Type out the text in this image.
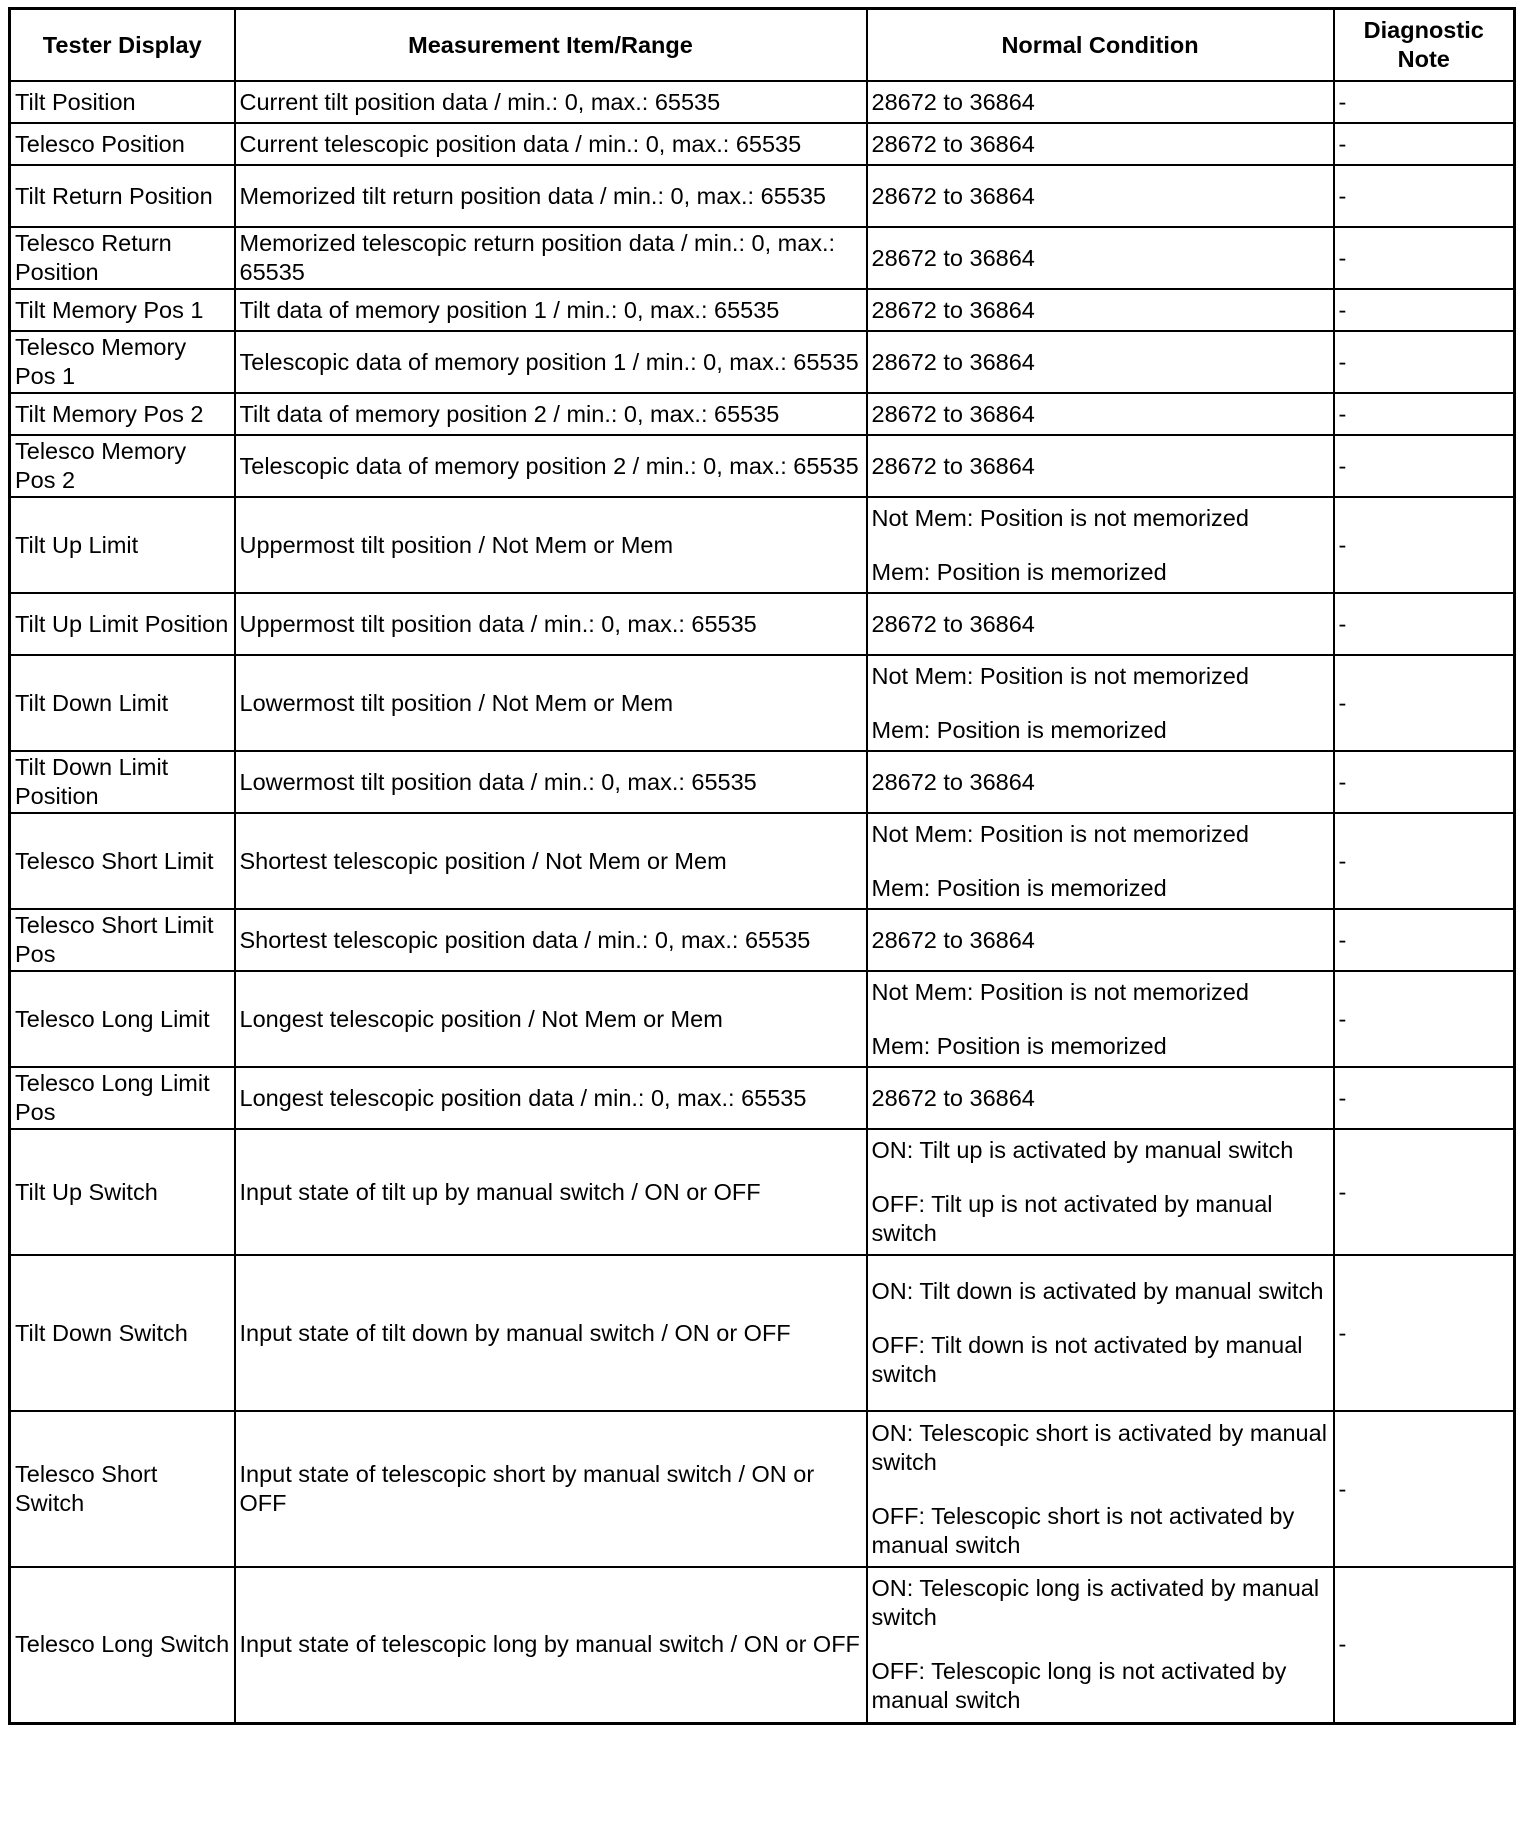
Tester Display	Measurement Item/Range	Normal Condition	Diagnostic Note
Tilt Position	Current tilt position data / min.: 0, max.: 65535	28672 to 36864	-
Telesco Position	Current telescopic position data / min.: 0, max.: 65535	28672 to 36864	-
Tilt Return Position	Memorized tilt return position data / min.: 0, max.: 65535	28672 to 36864	-
Telesco Return Position	Memorized telescopic return position data / min.: 0, max.: 65535	28672 to 36864	-
Tilt Memory Pos 1	Tilt data of memory position 1 / min.: 0, max.: 65535	28672 to 36864	-
Telesco Memory Pos 1	Telescopic data of memory position 1 / min.: 0, max.: 65535	28672 to 36864	-
Tilt Memory Pos 2	Tilt data of memory position 2 / min.: 0, max.: 65535	28672 to 36864	-
Telesco Memory Pos 2	Telescopic data of memory position 2 / min.: 0, max.: 65535	28672 to 36864	-
Tilt Up Limit	Uppermost tilt position / Not Mem or Mem	Not Mem: Position is not memorized

Mem: Position is memorized	-
Tilt Up Limit Position	Uppermost tilt position data / min.: 0, max.: 65535	28672 to 36864	-
Tilt Down Limit	Lowermost tilt position / Not Mem or Mem	Not Mem: Position is not memorized

Mem: Position is memorized	-
Tilt Down Limit Position	Lowermost tilt position data / min.: 0, max.: 65535	28672 to 36864	-
Telesco Short Limit	Shortest telescopic position / Not Mem or Mem	Not Mem: Position is not memorized

Mem: Position is memorized	-
Telesco Short Limit Pos	Shortest telescopic position data / min.: 0, max.: 65535	28672 to 36864	-
Telesco Long Limit	Longest telescopic position / Not Mem or Mem	Not Mem: Position is not memorized

Mem: Position is memorized	-
Telesco Long Limit Pos	Longest telescopic position data / min.: 0, max.: 65535	28672 to 36864	-
Tilt Up Switch	Input state of tilt up by manual switch / ON or OFF	ON: Tilt up is activated by manual switch

OFF: Tilt up is not activated by manual switch	-
Tilt Down Switch	Input state of tilt down by manual switch / ON or OFF	ON: Tilt down is activated by manual switch

OFF: Tilt down is not activated by manual switch	-
Telesco Short Switch	Input state of telescopic short by manual switch / ON or OFF	ON: Telescopic short is activated by manual switch

OFF: Telescopic short is not activated by manual switch	-
Telesco Long Switch	Input state of telescopic long by manual switch / ON or OFF	ON: Telescopic long is activated by manual switch

OFF: Telescopic long is not activated by manual switch	-
